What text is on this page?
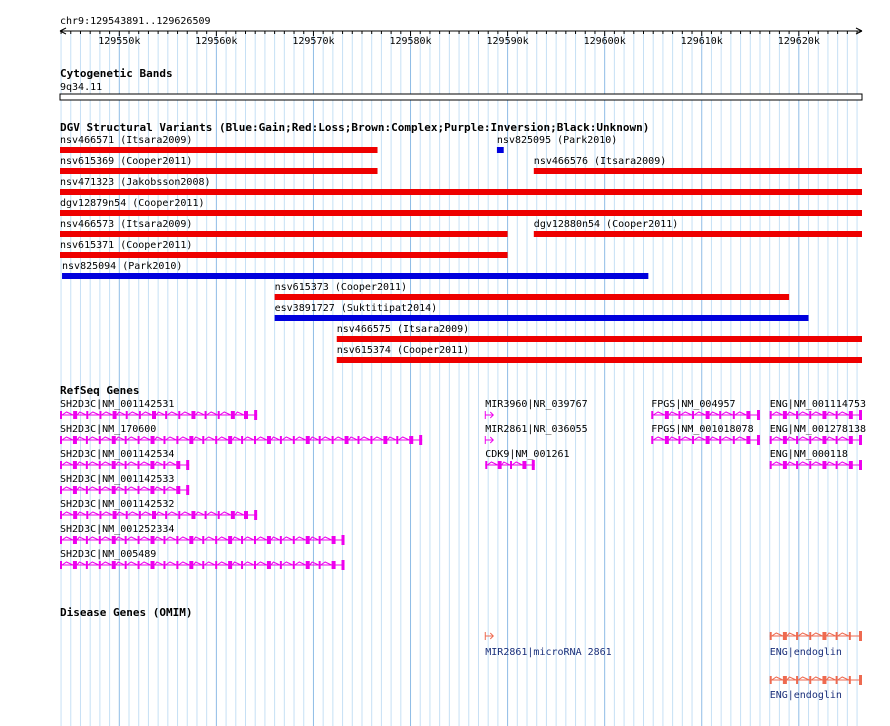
chr9:129543891..129626509
129550k	129560k	129570k	129580k	129590k	129600k	129610k	129620k
Cytogenetic Bands
9q34.11
DGV Structural Variants (Blue:Gain;Red:Loss;Brown:Complex;Purple:Inversion;Black:Unknown)
nsv466571 (Itsara2009)	nsv825095 (Park2010)
nsv615369 (Cooper2011)	nsv466576 (Itsara2009)
nsv471323 (Jakobsson2008)
dgv12879n54 (Cooper2011)
nsv466573 (Itsara2009)	dgv12880n54 (Cooper2011)
nsv615371 (Cooper2011)
nsv825094 (Park2010)
nsv615373 (Cooper2011)
esv3891727 (Suktitipat2014)
nsv466575 (Itsara2009)
nsv615374 (Cooper2011)
RefSeq Genes
SH2D3C|NM_001142531
SH2D3C|NM_170600
SH2D3C|NM_001142534
SH2D3C|NM_001142533
SH2D3C|NM_001142532
SH2D3C|NM_001252334
SH2D3C|NM_005489
MIR3960|NR_039767
MIR2861|NR_036055
CDK9|NM_001261
FPGS|NM_004957
FPGS|NM_001018078
ENG|NM_001114753
ENG|NM_001278138
ENG|NM_000118
Disease Genes (OMIM)
MIR2861|microRNA 2861	ENG|endoglin
ENG|endoglin
